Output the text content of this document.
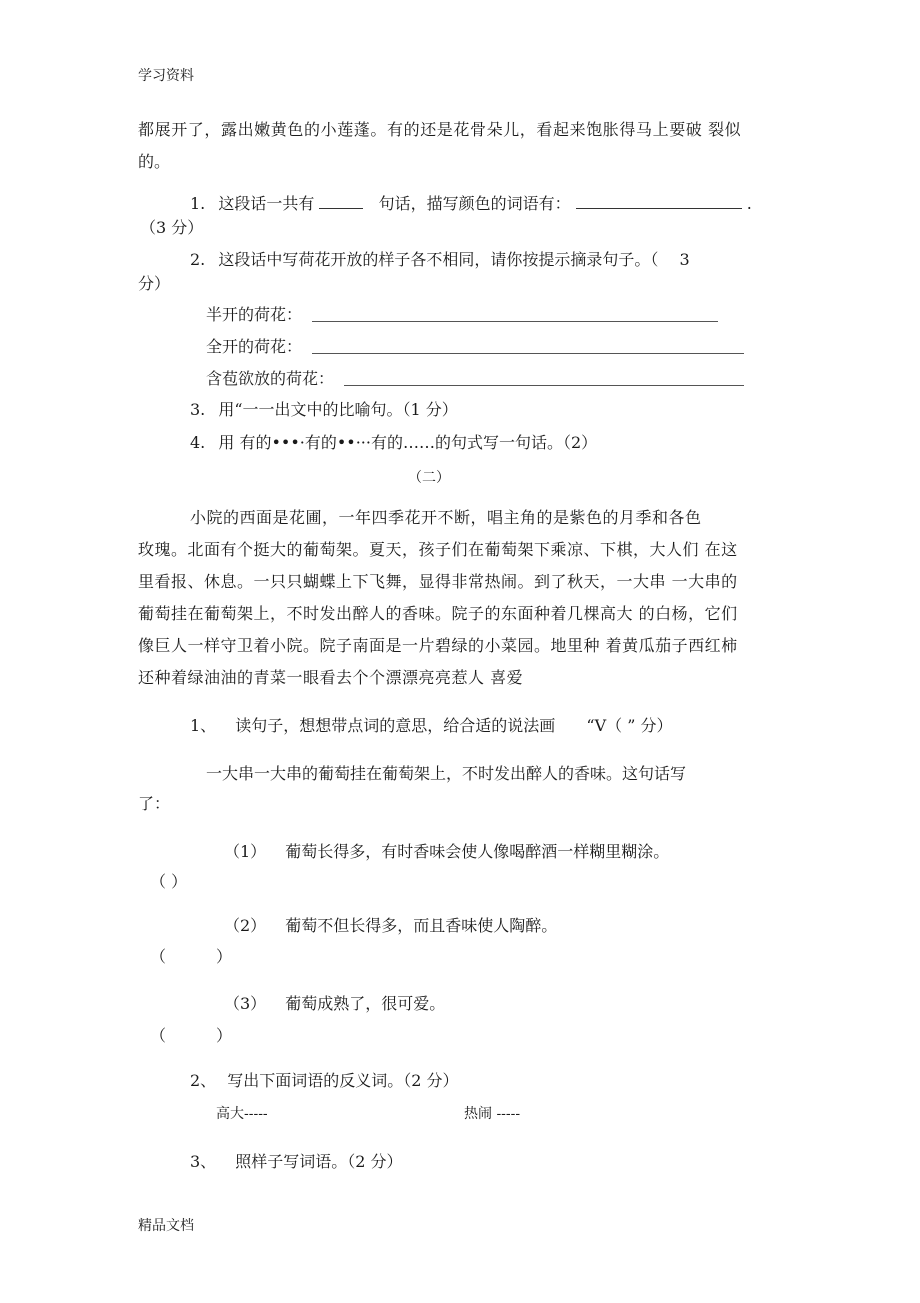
学习资料
都展开了，露出嫩黄色的小莲蓬。有的还是花骨朵儿，看起来饱胀得马上要破 裂似
的。
1. 这段话一共有	句话，描写颜色的词语有：	.
（3 分）
2. 这段话中写荷花开放的样子各不相同，请你按提示摘录句子。（　 3
分）
半开的荷花：
全开的荷花：
含苞欲放的荷花：
3. 用“一一出文中的比喻句。（1 分）
4. 用 有的•••·有的••···有的……的句式写一句话。（2）
（二）
小院的西面是花圃，一年四季花开不断，唱主角的是紫色的月季和各色
玫瑰。北面有个挺大的葡萄架。夏天，孩子们在葡萄架下乘凉、下棋，大人们 在这
里看报、休息。一只只蝴蝶上下飞舞，显得非常热闹。到了秋天，一大串 一大串的
葡萄挂在葡萄架上，不时发出醉人的香味。院子的东面种着几棵高大 的白杨，它们
像巨人一样守卫着小院。院子南面是一片碧绿的小菜园。地里种 着黄瓜茄子西红柿
还种着绿油油的青菜一眼看去个个漂漂亮亮惹人 喜爱
1、 读句子，想想带点词的意思，给合适的说法画 “V（ ” 分）
一大串一大串的葡萄挂在葡萄架上，不时发出醉人的香味。这句话写
了：
（1） 葡萄长得多，有时香味会使人像喝醉酒一样糊里糊涂。
（ ）
（2） 葡萄不但长得多，而且香味使人陶醉。
（　　）
（3） 葡萄成熟了，很可爱。
（　　）
2、 写出下面词语的反义词。（2 分）
高大-----	热闹 -----
3、 照样子写词语。（2 分）
精品文档
